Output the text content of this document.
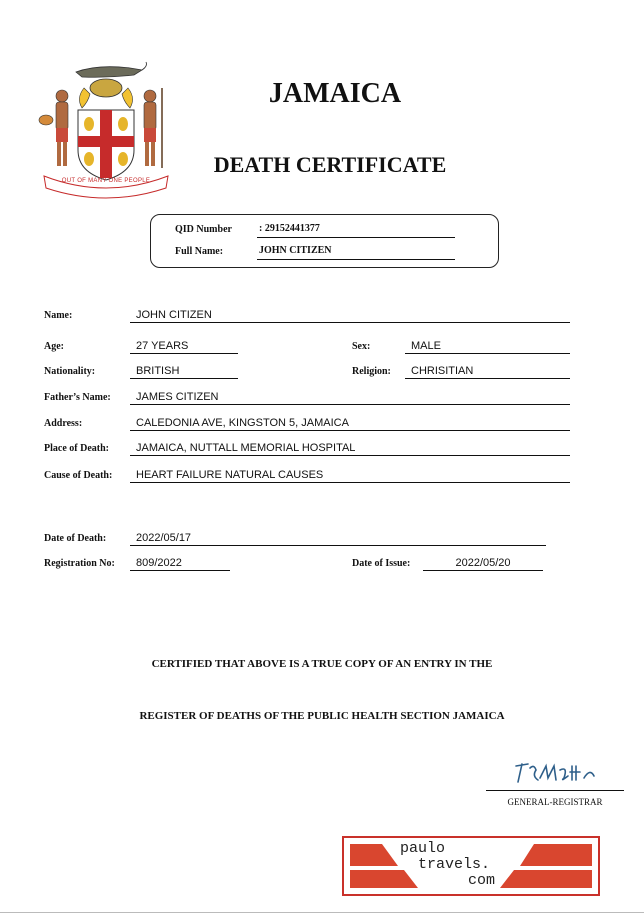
OUT OF MANY ONE PEOPLE
JAMAICA
DEATH CERTIFICATE
QID Number	: 29152441377
Full Name:	JOHN CITIZEN
Name:	JOHN CITIZEN
Age:	27 YEARS	Sex:	MALE
Nationality:	BRITISH	Religion:	CHRISITIAN
Father’s Name:	JAMES CITIZEN
Address:	CALEDONIA AVE, KINGSTON 5, JAMAICA
Place of Death:	JAMAICA, NUTTALL MEMORIAL HOSPITAL
Cause of Death:	HEART FAILURE NATURAL CAUSES
Date of Death:	2022/05/17
Registration No:	809/2022	Date of Issue:	2022/05/20
CERTIFIED THAT ABOVE IS A TRUE COPY OF AN ENTRY IN THE
REGISTER OF DEATHS OF THE PUBLIC HEALTH SECTION JAMAICA
GENERAL-REGISTRAR
paulo
travels.
com
